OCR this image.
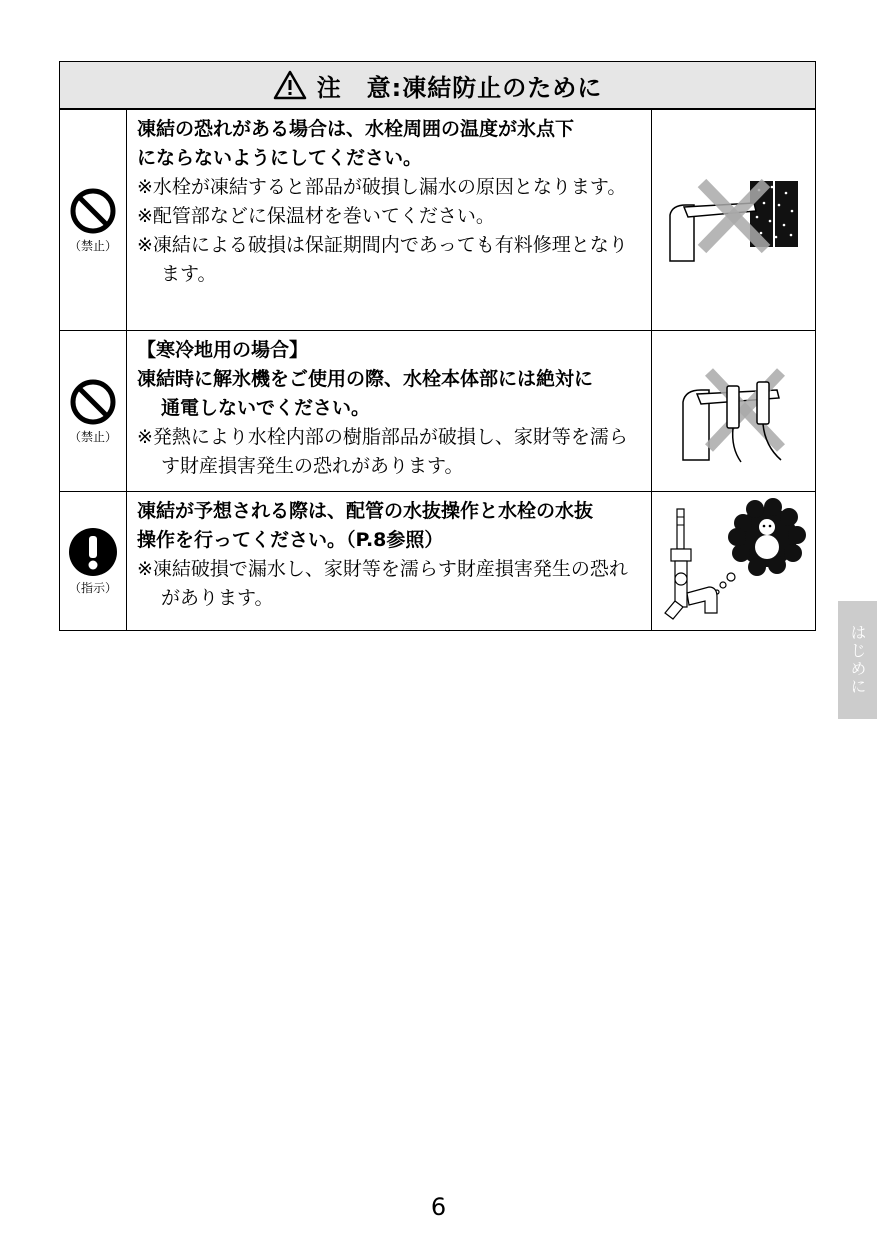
注　意:凍結防止のために
（禁止）
凍結の恐れがある場合は、水栓周囲の温度が氷点下
にならないようにしてください。
※水栓が凍結すると部品が破損し漏水の原因となります。
※配管部などに保温材を巻いてください。
※凍結による破損は保証期間内であっても有料修理となります。
（禁止）
【寒冷地用の場合】
凍結時に解氷機をご使用の際、水栓本体部には絶対に
通電しないでください。
※発熱により水栓内部の樹脂部品が破損し、家財等を濡らす財産損害発生の恐れがあります。
（指示）
凍結が予想される際は、配管の水抜操作と水栓の水抜
操作を行ってください。（P.8参照）
※凍結破損で漏水し、家財等を濡らす財産損害発生の恐れがあります。
はじめに
6
